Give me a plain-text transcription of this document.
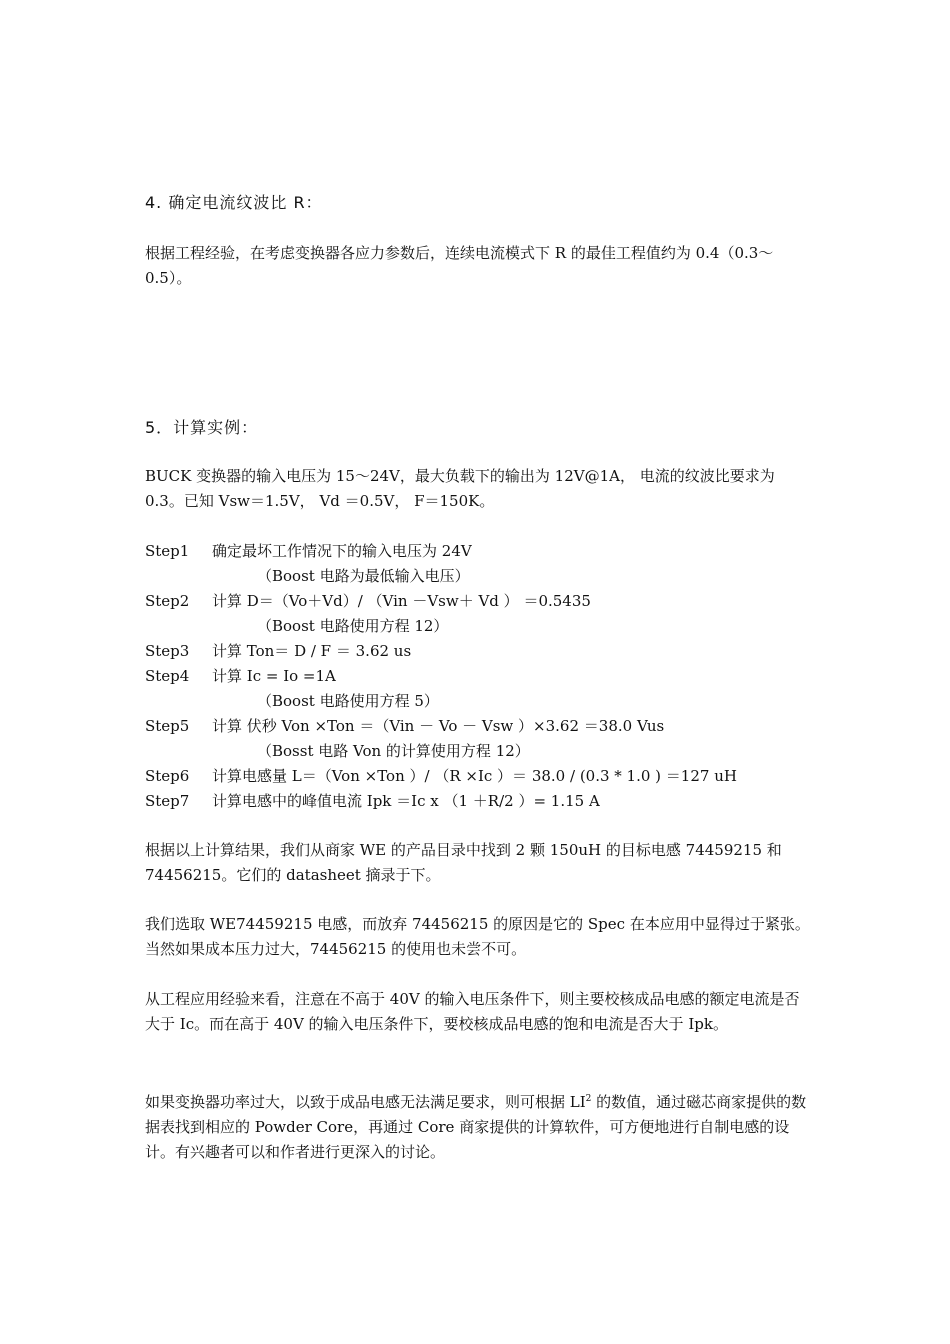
4. 确定电流纹波比 R：
根据工程经验，在考虑变换器各应力参数后，连续电流模式下 R 的最佳工程值约为 0.4（0.3～0.5）。
5．计算实例：
BUCK 变换器的输入电压为 15～24V，最大负载下的输出为 12V@1A， 电流的纹波比要求为 0.3。已知 Vsw＝1.5V， Vd ＝0.5V， F＝150K。
Step1 确定最坏工作情况下的输入电压为 24V
（Boost 电路为最低输入电压）
Step2 计算 D＝（Vo＋Vd）/ （Vin －Vsw＋ Vd ） ＝0.5435
（Boost 电路使用方程 12）
Step3 计算 Ton＝ D / F ＝ 3.62 us
Step4 计算 Ic = Io =1A
（Boost 电路使用方程 5）
Step5 计算 伏秒 Von ×Ton ＝（Vin － Vo － Vsw ）×3.62 ＝38.0 Vus
（Bosst 电路 Von 的计算使用方程 12）
Step6 计算电感量 L＝（Von ×Ton ）/ （R ×Ic ）＝ 38.0 / (0.3 * 1.0 ) ＝127 uH
Step7 计算电感中的峰值电流 Ipk ＝Ic x （1 ＋R/2 ）= 1.15 A
根据以上计算结果，我们从商家 WE 的产品目录中找到 2 颗 150uH 的目标电感 74459215 和 74456215。它们的 datasheet 摘录于下。
我们选取 WE74459215 电感，而放弃 74456215 的原因是它的 Spec 在本应用中显得过于紧张。当然如果成本压力过大，74456215 的使用也未尝不可。
从工程应用经验来看，注意在不高于 40V 的输入电压条件下，则主要校核成品电感的额定电流是否大于 Ic。而在高于 40V 的输入电压条件下，要校核成品电感的饱和电流是否大于 Ipk。
如果变换器功率过大，以致于成品电感无法满足要求，则可根据 $LI^2$ 的数值，通过磁芯商家提供的数据表找到相应的 Powder Core，再通过 Core 商家提供的计算软件，可方便地进行自制电感的设计。有兴趣者可以和作者进行更深入的讨论。
